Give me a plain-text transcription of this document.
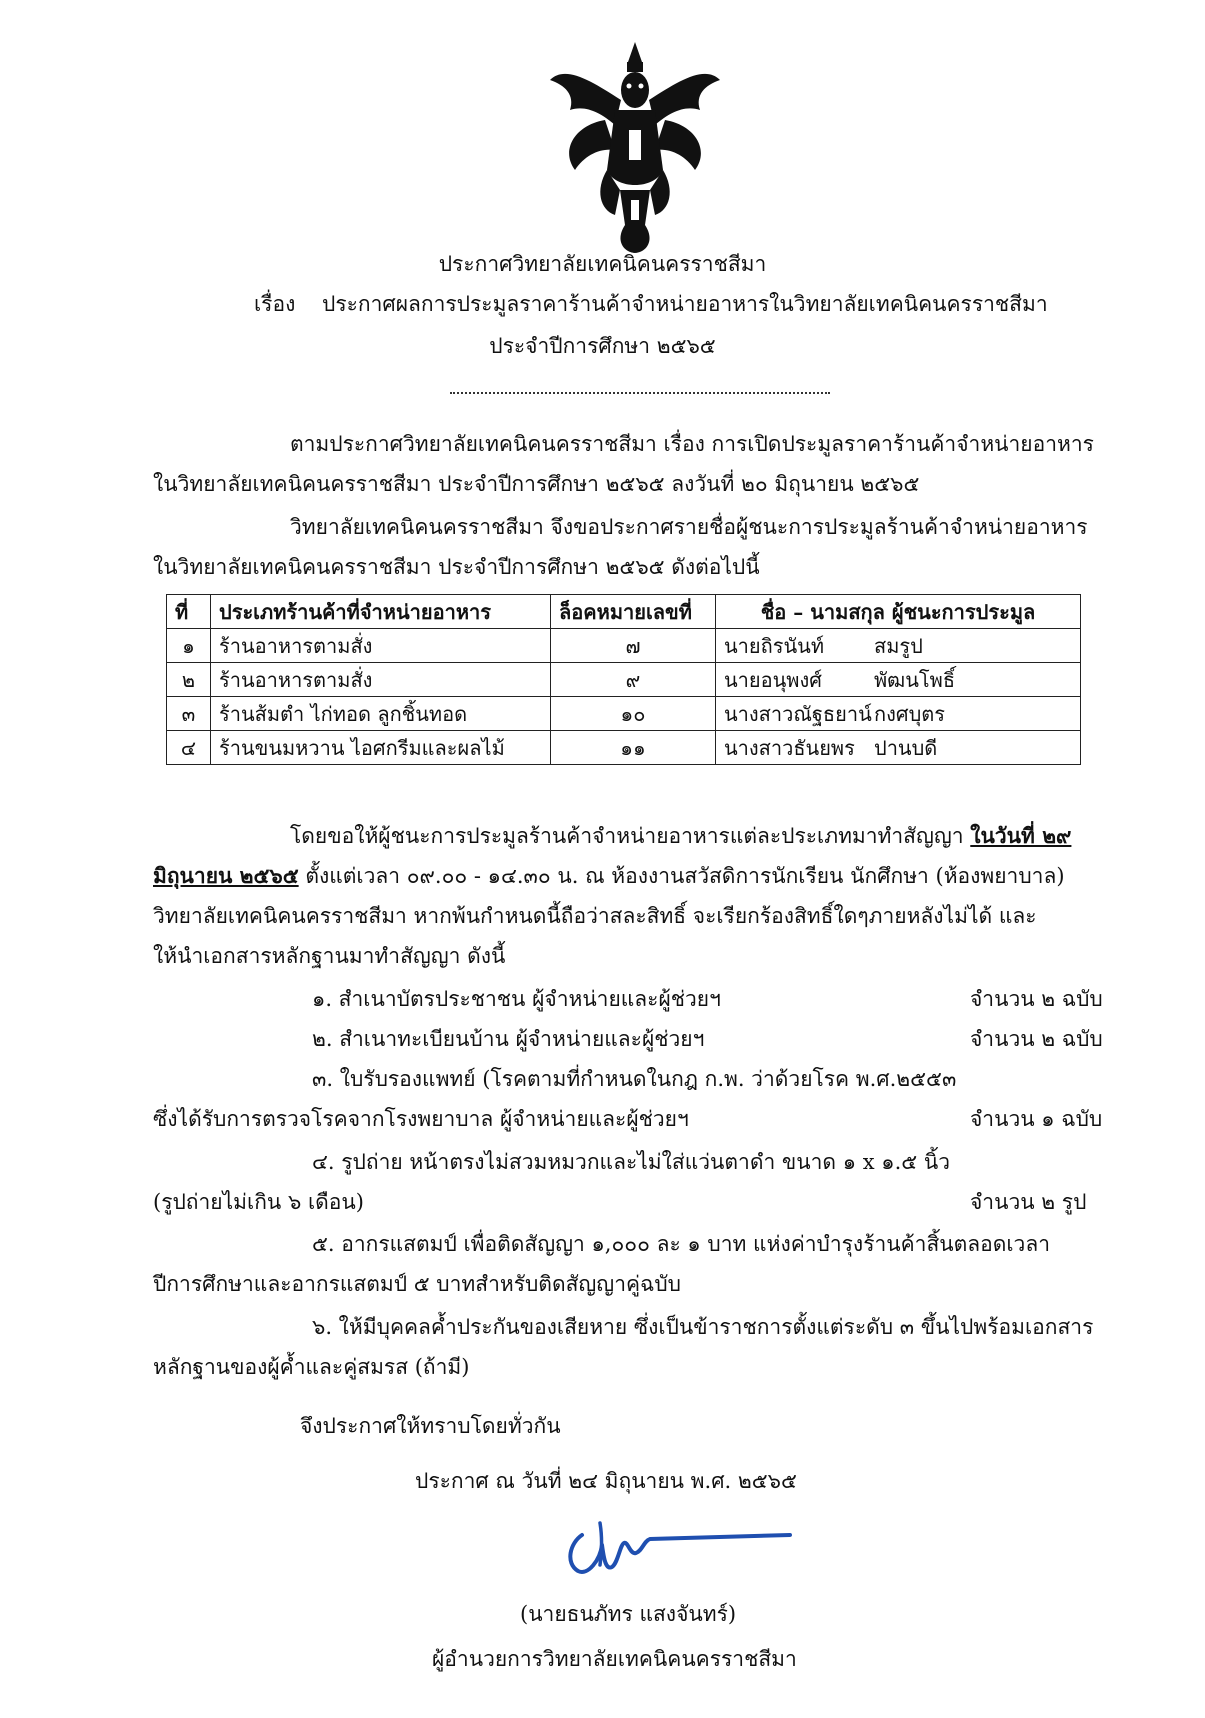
ประกาศวิทยาลัยเทคนิคนครราชสีมา
เรื่อง ประกาศผลการประมูลราคาร้านค้าจำหน่ายอาหารในวิทยาลัยเทคนิคนครราชสีมา
ประจำปีการศึกษา ๒๕๖๕
ตามประกาศวิทยาลัยเทคนิคนครราชสีมา เรื่อง การเปิดประมูลราคาร้านค้าจำหน่ายอาหาร
ในวิทยาลัยเทคนิคนครราชสีมา ประจำปีการศึกษา ๒๕๖๕ ลงวันที่ ๒๐ มิถุนายน ๒๕๖๕
วิทยาลัยเทคนิคนครราชสีมา จึงขอประกาศรายชื่อผู้ชนะการประมูลร้านค้าจำหน่ายอาหาร
ในวิทยาลัยเทคนิคนครราชสีมา ประจำปีการศึกษา ๒๕๖๕ ดังต่อไปนี้
ที่	ประเภทร้านค้าที่จำหน่ายอาหาร	ล็อคหมายเลขที่	ชื่อ – นามสกุล ผู้ชนะการประมูล
๑	ร้านอาหารตามสั่ง	๗	นายถิรนันท์ สมรูป
๒	ร้านอาหารตามสั่ง	๙	นายอนุพงศ์ พัฒนโพธิ์
๓	ร้านส้มตำ ไก่ทอด ลูกชิ้นทอด	๑๐	นางสาวณัฐธยาน์ กงศบุตร
๔	ร้านขนมหวาน ไอศกรีมและผลไม้	๑๑	นางสาวธันยพร ปานบดี
โดยขอให้ผู้ชนะการประมูลร้านค้าจำหน่ายอาหารแต่ละประเภทมาทำสัญญา ในวันที่ ๒๙
มิถุนายน ๒๕๖๕ ตั้งแต่เวลา ๐๙.๐๐ - ๑๔.๓๐ น. ณ ห้องงานสวัสดิการนักเรียน นักศึกษา (ห้องพยาบาล)
วิทยาลัยเทคนิคนครราชสีมา หากพ้นกำหนดนี้ถือว่าสละสิทธิ์ จะเรียกร้องสิทธิ์ใดๆภายหลังไม่ได้ และ
ให้นำเอกสารหลักฐานมาทำสัญญา ดังนี้
๑. สำเนาบัตรประชาชน ผู้จำหน่ายและผู้ช่วยฯ	จำนวน ๒ ฉบับ
๒. สำเนาทะเบียนบ้าน ผู้จำหน่ายและผู้ช่วยฯ	จำนวน ๒ ฉบับ
๓. ใบรับรองแพทย์ (โรคตามที่กำหนดในกฎ ก.พ. ว่าด้วยโรค พ.ศ.๒๕๕๓
ซึ่งได้รับการตรวจโรคจากโรงพยาบาล ผู้จำหน่ายและผู้ช่วยฯ	จำนวน ๑ ฉบับ
๔. รูปถ่าย หน้าตรงไม่สวมหมวกและไม่ใส่แว่นตาดำ ขนาด ๑ x ๑.๕ นิ้ว
(รูปถ่ายไม่เกิน ๖ เดือน)	จำนวน ๒ รูป
๕. อากรแสตมป์ เพื่อติดสัญญา ๑,๐๐๐ ละ ๑ บาท แห่งค่าบำรุงร้านค้าสิ้นตลอดเวลา
ปีการศึกษาและอากรแสตมป์ ๕ บาทสำหรับติดสัญญาคู่ฉบับ
๖. ให้มีบุคคลค้ำประกันของเสียหาย ซึ่งเป็นข้าราชการตั้งแต่ระดับ ๓ ขึ้นไปพร้อมเอกสาร
หลักฐานของผู้ค้ำและคู่สมรส (ถ้ามี)
จึงประกาศให้ทราบโดยทั่วกัน
ประกาศ ณ วันที่ ๒๔ มิถุนายน พ.ศ. ๒๕๖๕
(นายธนภัทร แสงจันทร์)
ผู้อำนวยการวิทยาลัยเทคนิคนครราชสีมา
